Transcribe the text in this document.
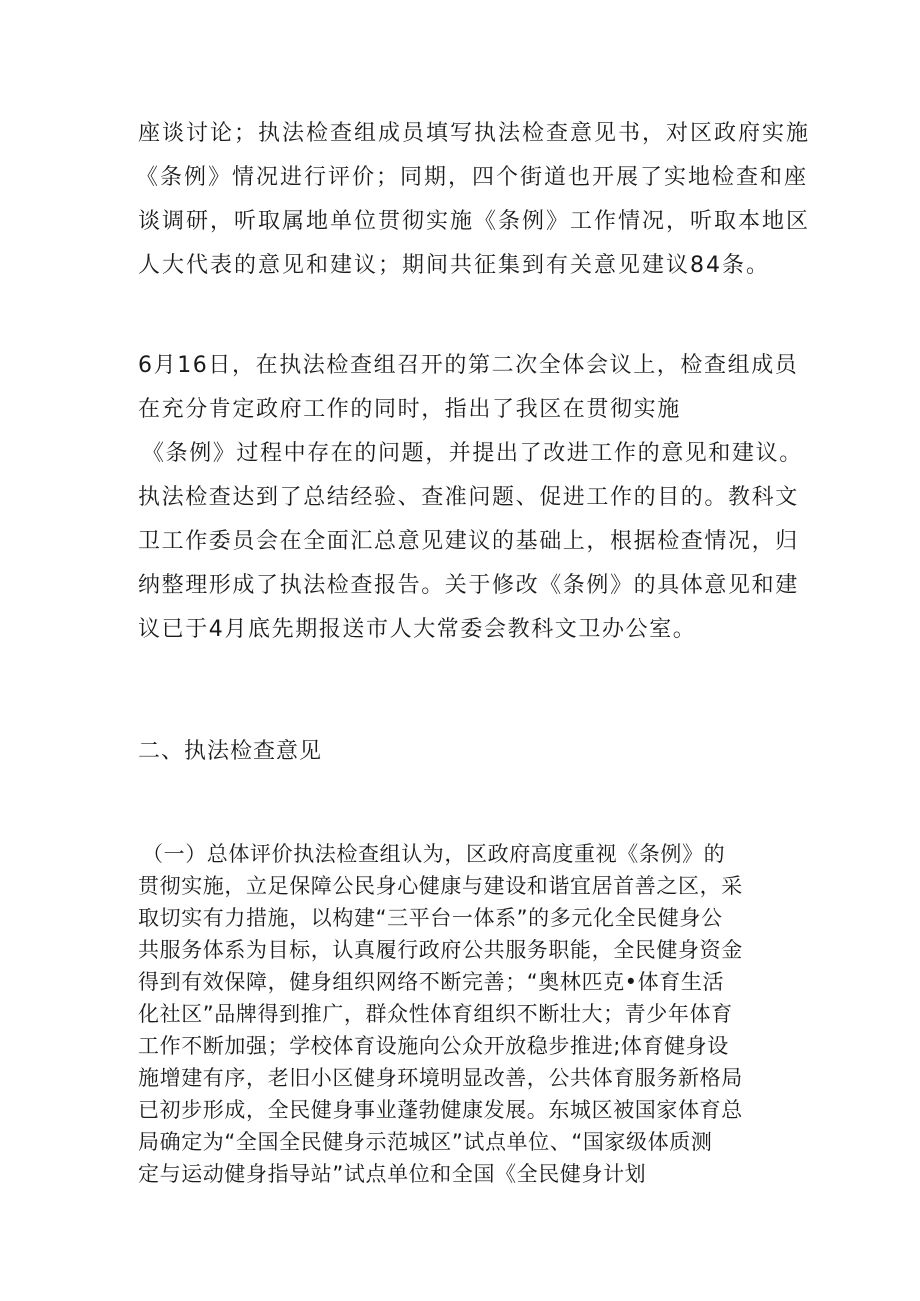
座谈讨论；执法检查组成员填写执法检查意见书，对区政府实施
《条例》情况进行评价；同期，四个街道也开展了实地检查和座
谈调研，听取属地单位贯彻实施《条例》工作情况，听取本地区
人大代表的意见和建议；期间共征集到有关意见建议84条。
6月16日，在执法检查组召开的第二次全体会议上，检查组成员
在充分肯定政府工作的同时，指出了我区在贯彻实施
《条例》过程中存在的问题，并提出了改进工作的意见和建议。
执法检查达到了总结经验、查准问题、促进工作的目的。教科文
卫工作委员会在全面汇总意见建议的基础上，根据检查情况，归
纳整理形成了执法检查报告。关于修改《条例》的具体意见和建
议已于4月底先期报送市人大常委会教科文卫办公室。
二、执法检查意见
（一）总体评价执法检查组认为，区政府高度重视《条例》的
贯彻实施，立足保障公民身心健康与建设和谐宜居首善之区，采
取切实有力措施，以构建“三平台一体系”的多元化全民健身公
共服务体系为目标，认真履行政府公共服务职能，全民健身资金
得到有效保障，健身组织网络不断完善；“奥林匹克•体育生活
化社区”品牌得到推广，群众性体育组织不断壮大；青少年体育
工作不断加强；学校体育设施向公众开放稳步推进;体育健身设
施增建有序，老旧小区健身环境明显改善，公共体育服务新格局
已初步形成，全民健身事业蓬勃健康发展。东城区被国家体育总
局确定为“全国全民健身示范城区”试点单位、“国家级体质测
定与运动健身指导站”试点单位和全国《全民健身计划
